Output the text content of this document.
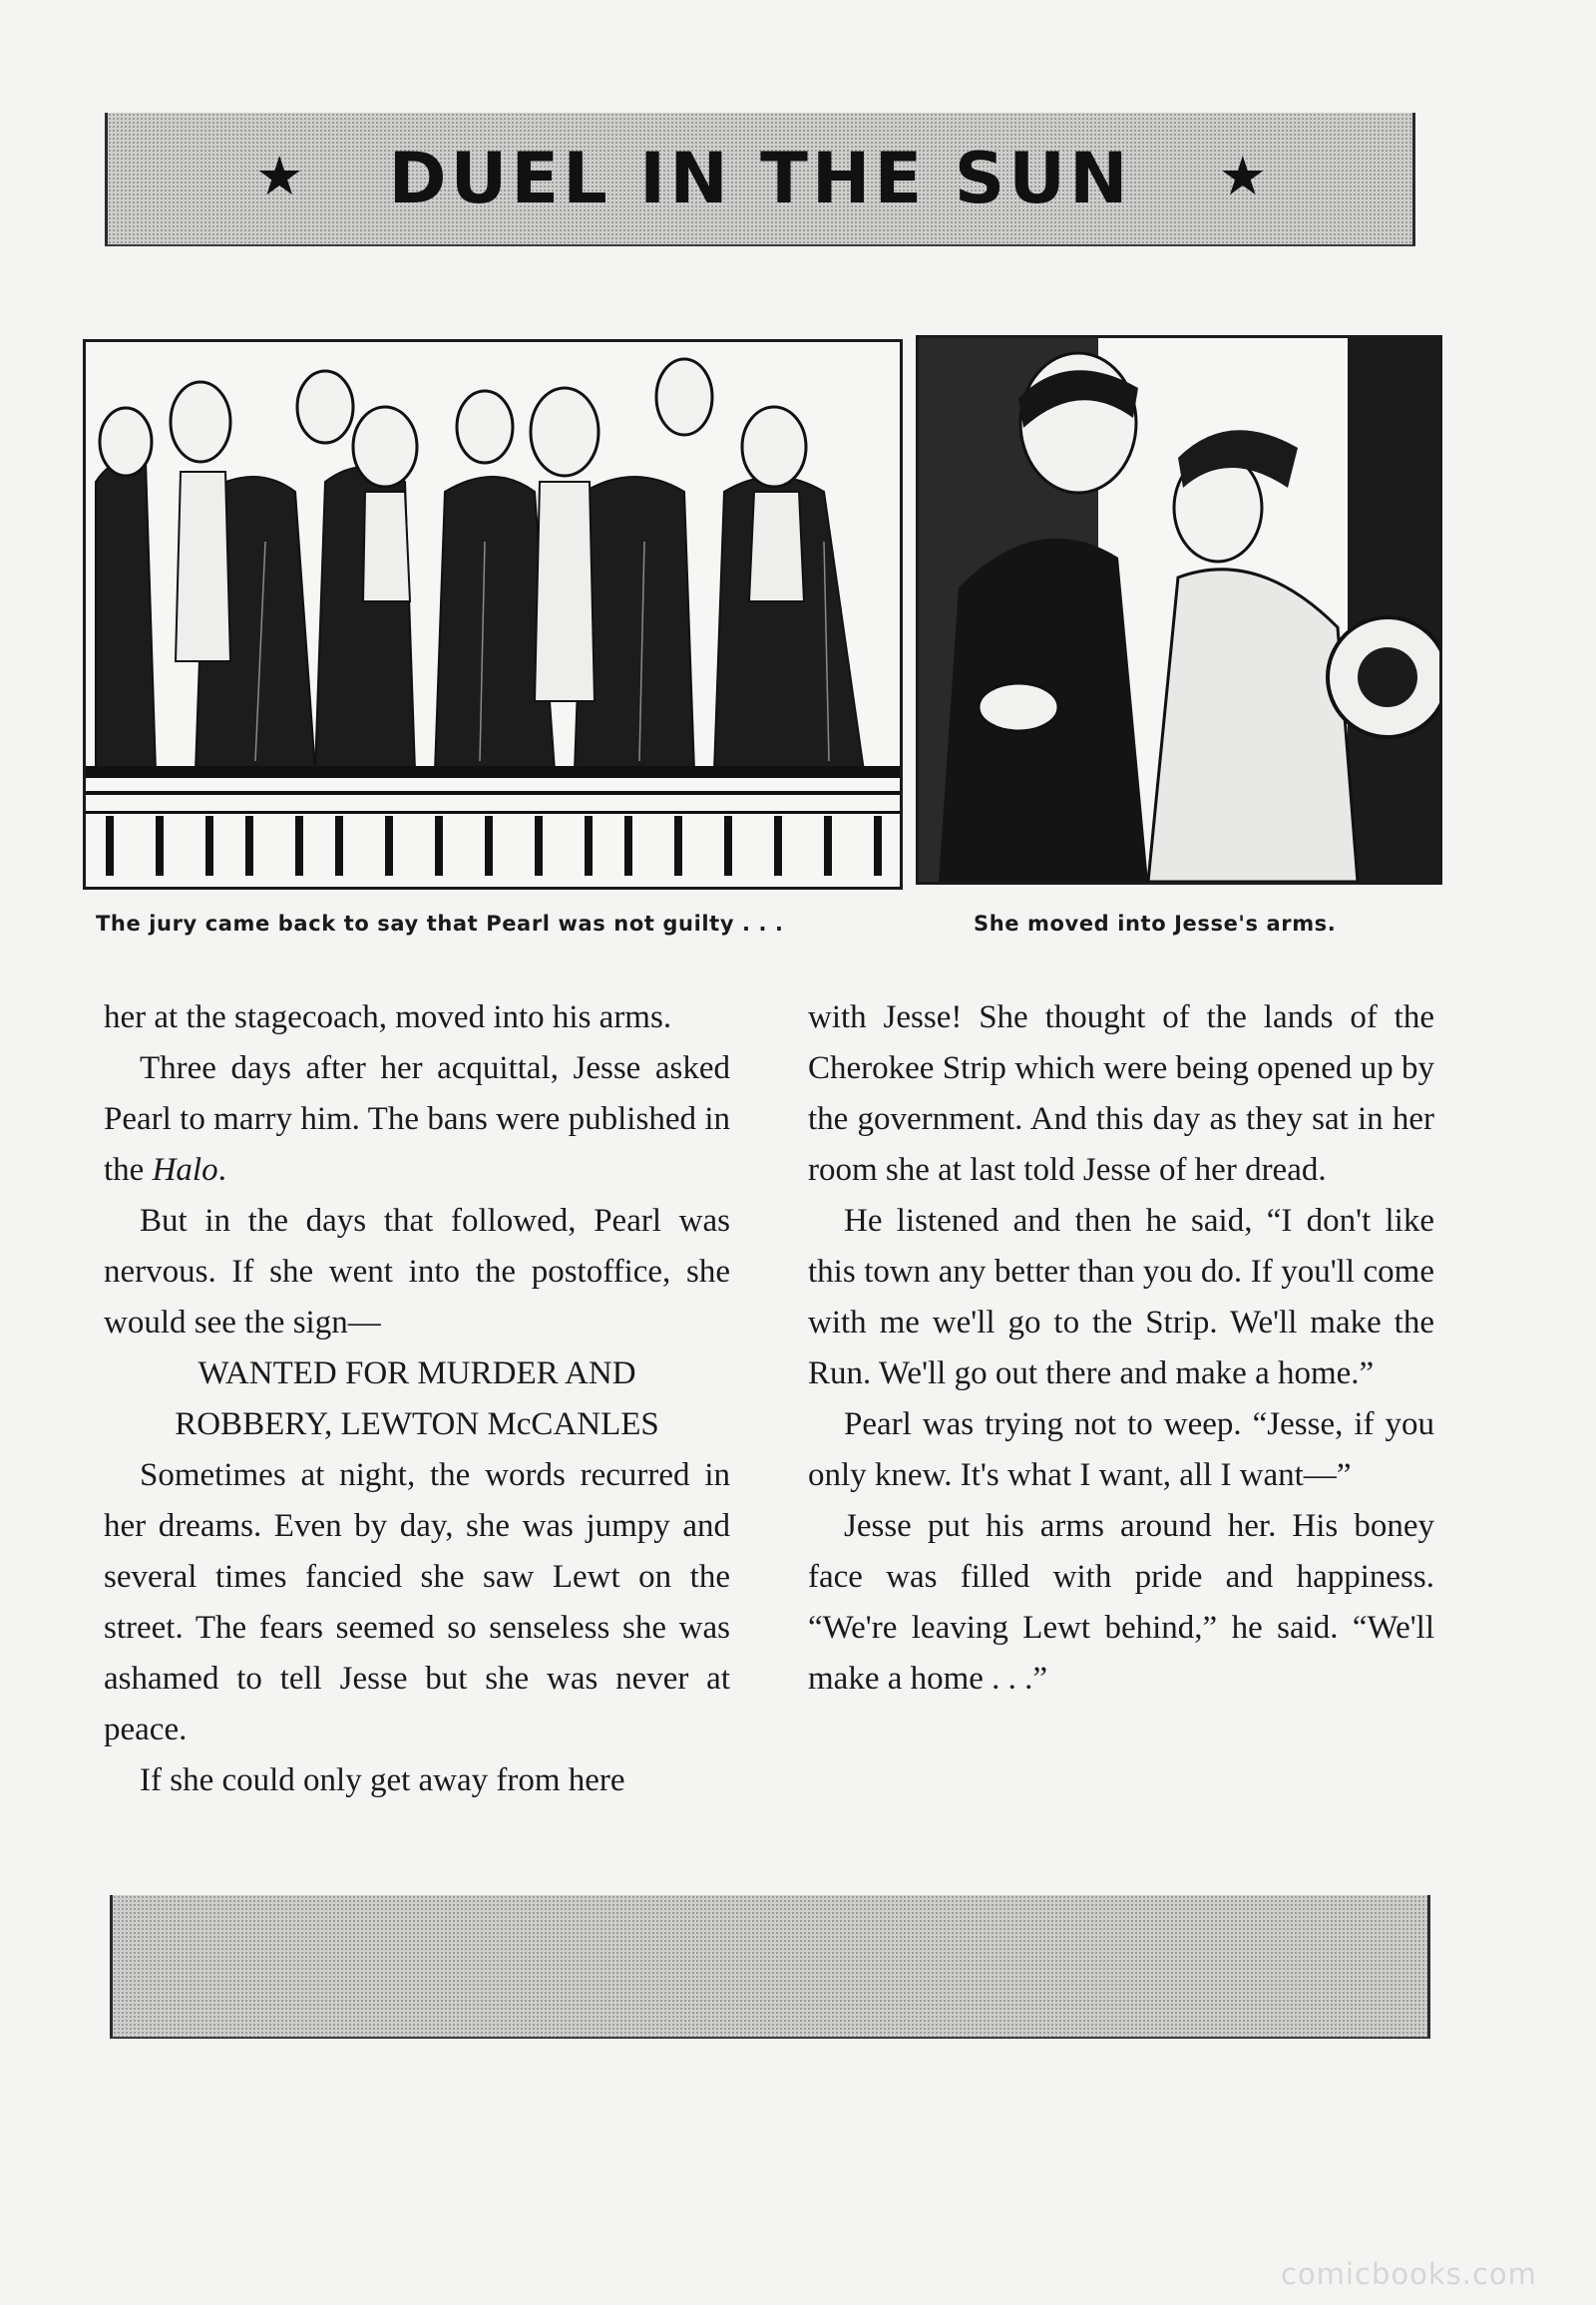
★ DUEL IN THE SUN ★
The jury came back to say that Pearl was not guilty . . .	She moved into Jesse's arms.

her at the stagecoach, moved into his arms.

Three days after her acquittal, Jesse asked Pearl to marry him. The bans were published in the Halo.

But in the days that followed, Pearl was nervous. If she went into the postoffice, she would see the sign—

WANTED FOR MURDER AND

ROBBERY, LEWTON McCANLES

Sometimes at night, the words recurred in her dreams. Even by day, she was jumpy and several times fancied she saw Lewt on the street. The fears seemed so senseless she was ashamed to tell Jesse but she was never at peace.

If she could only get away from here

with Jesse! She thought of the lands of the Cherokee Strip which were being opened up by the government. And this day as they sat in her room she at last told Jesse of her dread.

He listened and then he said, “I don't like this town any better than you do. If you'll come with me we'll go to the Strip. We'll make the Run. We'll go out there and make a home.”

Pearl was trying not to weep. “Jesse, if you only knew. It's what I want, all I want—”

Jesse put his arms around her. His boney face was filled with pride and happiness. “We're leaving Lewt behind,” he said. “We'll make a home . . .”

comicbooks.com
